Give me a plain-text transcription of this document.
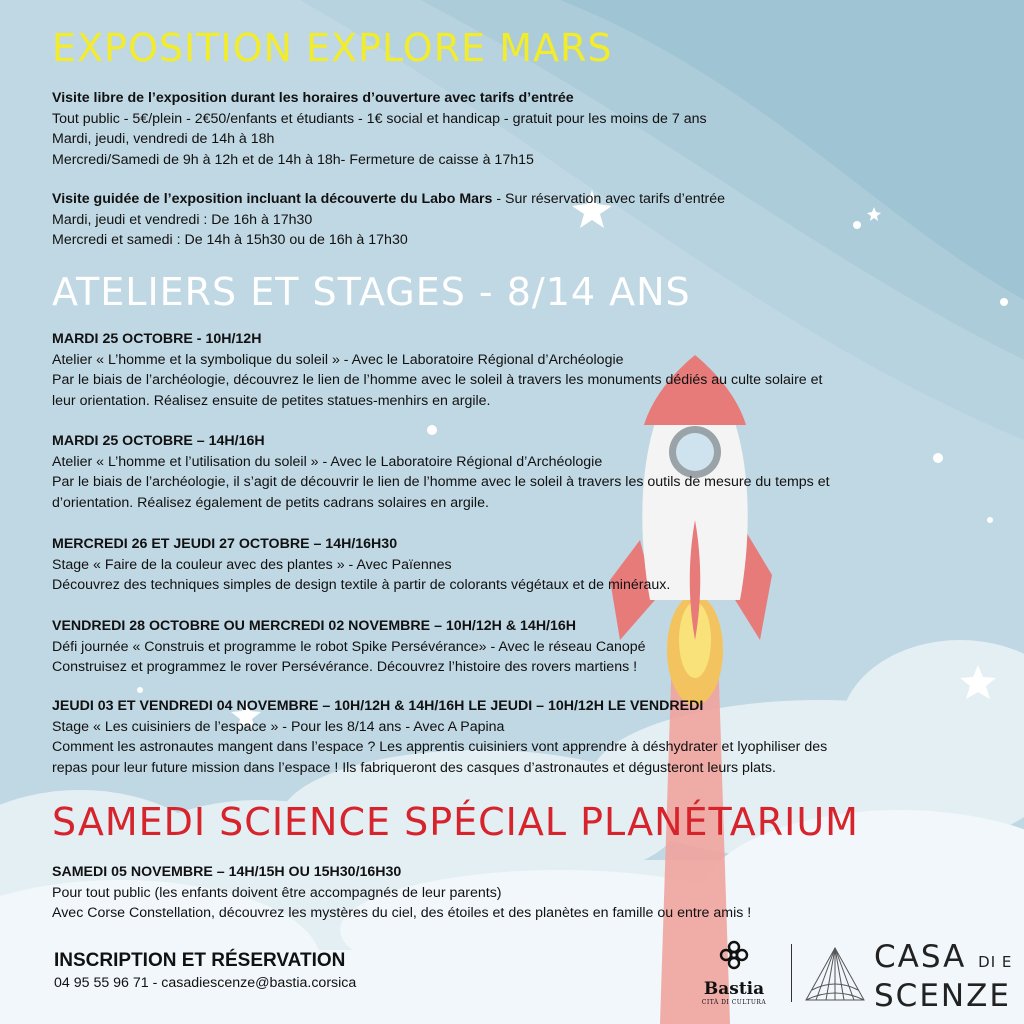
EXPOSITION EXPLORE MARS

Visite libre de l’exposition durant les horaires d’ouverture avec tarifs d’entrée

Tout public - 5€/plein - 2€50/enfants et étudiants - 1€ social et handicap - gratuit pour les moins de 7 ans

Mardi, jeudi, vendredi de 14h à 18h

Mercredi/Samedi de 9h à 12h et de 14h à 18h- Fermeture de caisse à 17h15

Visite guidée de l’exposition incluant la découverte du Labo Mars - Sur réservation avec tarifs d’entrée

Mardi, jeudi et vendredi : De 16h à 17h30

Mercredi et samedi : De 14h à 15h30 ou de 16h à 17h30

ATELIERS ET STAGES - 8/14 ANS

MARDI 25 OCTOBRE - 10H/12H

Atelier « L’homme et la symbolique du soleil » - Avec le Laboratoire Régional d’Archéologie

Par le biais de l’archéologie, découvrez le lien de l’homme avec le soleil à travers les monuments dédiés au culte solaire et

leur orientation. Réalisez ensuite de petites statues-menhirs en argile.

MARDI 25 OCTOBRE – 14H/16H

Atelier « L’homme et l’utilisation du soleil » - Avec le Laboratoire Régional d’Archéologie

Par le biais de l’archéologie, il s’agit de découvrir le lien de l’homme avec le soleil à travers les outils de mesure du temps et

d’orientation. Réalisez également de petits cadrans solaires en argile.

MERCREDI 26 ET JEUDI 27 OCTOBRE – 14H/16H30

Stage « Faire de la couleur avec des plantes » - Avec Païennes

Découvrez des techniques simples de design textile à partir de colorants végétaux et de minéraux.

VENDREDI 28 OCTOBRE OU MERCREDI 02 NOVEMBRE – 10H/12H & 14H/16H

Défi journée « Construis et programme le robot Spike Persévérance» - Avec le réseau Canopé

Construisez et programmez le rover Persévérance. Découvrez l’histoire des rovers martiens !

JEUDI 03 ET VENDREDI 04 NOVEMBRE – 10H/12H & 14H/16H LE JEUDI – 10H/12H LE VENDREDI

Stage « Les cuisiniers de l’espace » - Pour les 8/14 ans - Avec A Papina

Comment les astronautes mangent dans l’espace ? Les apprentis cuisiniers vont apprendre à déshydrater et lyophiliser des

repas pour leur future mission dans l’espace ! Ils fabriqueront des casques d’astronautes et dégusteront leurs plats.

SAMEDI SCIENCE SPÉCIAL PLANÉTARIUM

SAMEDI 05 NOVEMBRE – 14H/15H OU 15H30/16H30

Pour tout public (les enfants doivent être accompagnés de leur parents)

Avec Corse Constellation, découvrez les mystères du ciel, des étoiles et des planètes en famille ou entre amis !

INSCRIPTION ET RÉSERVATION
04 95 55 96 71 - casadiescenze@bastia.corsica	Bastia
CITÀ DI CULTURA
CASA DI E
SCENZE
